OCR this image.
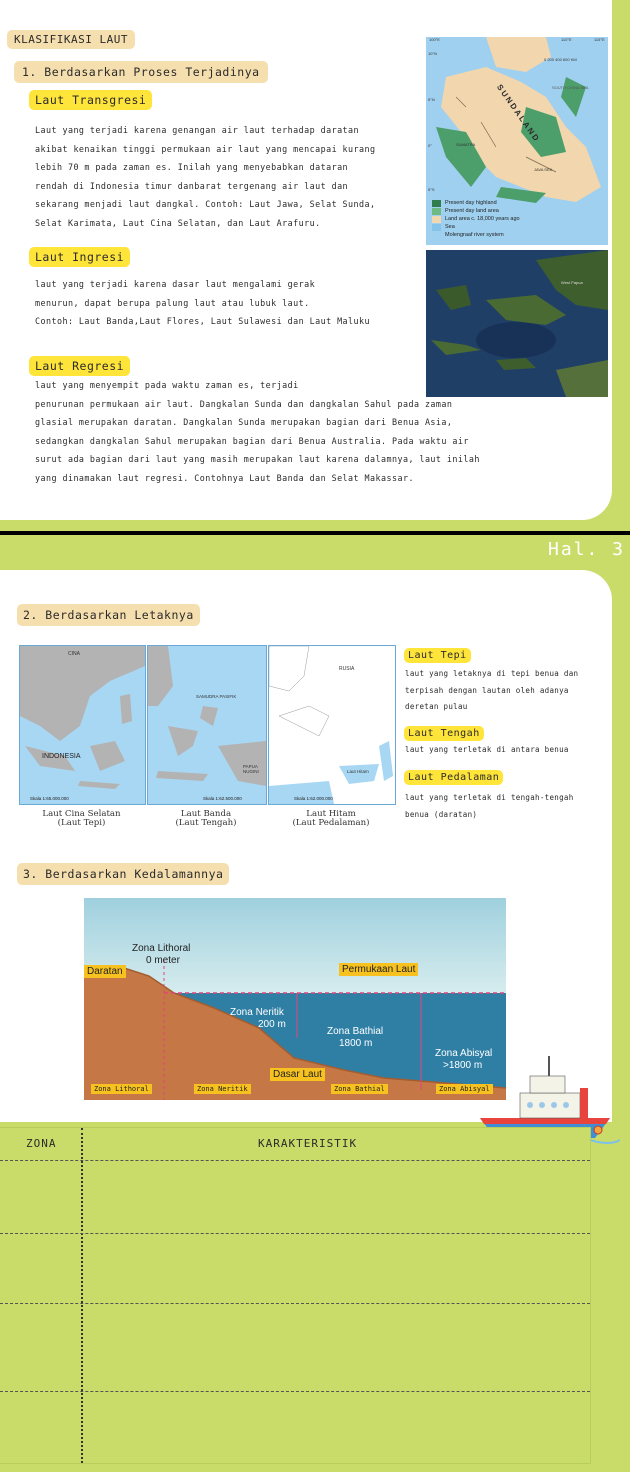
KLASIFIKASI LAUT
1. Berdasarkan Proses Terjadinya
Laut Transgresi
Laut yang terjadi karena genangan air laut terhadap daratan
akibat kenaikan tinggi permukaan air laut yang mencapai kurang
lebih 70 m pada zaman es. Inilah yang menyebabkan dataran
rendah di Indonesia timur danbarat tergenang air laut dan
sekarang menjadi laut dangkal. Contoh: Laut Jawa, Selat Sunda,
Selat Karimata, Laut Cina Selatan, dan Laut Arafuru.
Laut Ingresi
laut yang terjadi karena dasar laut mengalami gerak
menurun, dapat berupa palung laut atau lubuk laut.
Contoh: Laut Banda,Laut Flores, Laut Sulawesi dan Laut Maluku
Laut Regresi
laut yang menyempit pada waktu zaman es, terjadi
penurunan permukaan air laut. Dangkalan Sunda dan dangkalan Sahul pada zaman
glasial merupakan daratan. Dangkalan Sunda merupakan bagian dari Benua Asia,
sedangkan dangkalan Sahul merupakan bagian dari Benua Australia. Pada waktu air
surut ada bagian dari laut yang masih merupakan laut karena dalamnya, laut inilah
yang dinamakan laut regresi. Contohnya Laut Banda dan Selat Makassar.
100°E	110°E	115°E
10°N
5°N
0°
5°S
0 200 400 600 KM
SOUTH CHINA SEA
SUNDALAND
SUMATRA
JAVA SEA
Present day highland
Present day land area
Land area c. 18,000 years ago
Sea
Molengraaf river system
West Papua
Hal. 3
2. Berdasarkan Letaknya
CINA
INDONESIA
Skala 1:65.000.000
Laut Cina Selatan
(Laut Tepi)
SAMUDRA PASIFIK
PAPUA NUGINI
Skala 1:62.500.000
Laut Banda
(Laut Tengah)
RUSIA
Laut Hitam
Skala 1:62.000.000
Laut Hitam
(Laut Pedalaman)
Laut Tepi
laut yang letaknya di tepi benua dan
terpisah dengan lautan oleh adanya
deretan pulau
Laut Tengah
laut yang terletak di antara benua
Laut Pedalaman
laut yang terletak di tengah-tengah
benua (daratan)
3. Berdasarkan Kedalamannya
Zona Lithoral
0 meter
Daratan	Permukaan Laut
Zona Neritik
200 m
Zona Bathial
1800 m
Zona Abisyal
>1800 m
Dasar Laut
Zona Lithoral	Zona Neritik	Zona Bathial	Zona Abisyal
ZONA	KARAKTERISTIK
